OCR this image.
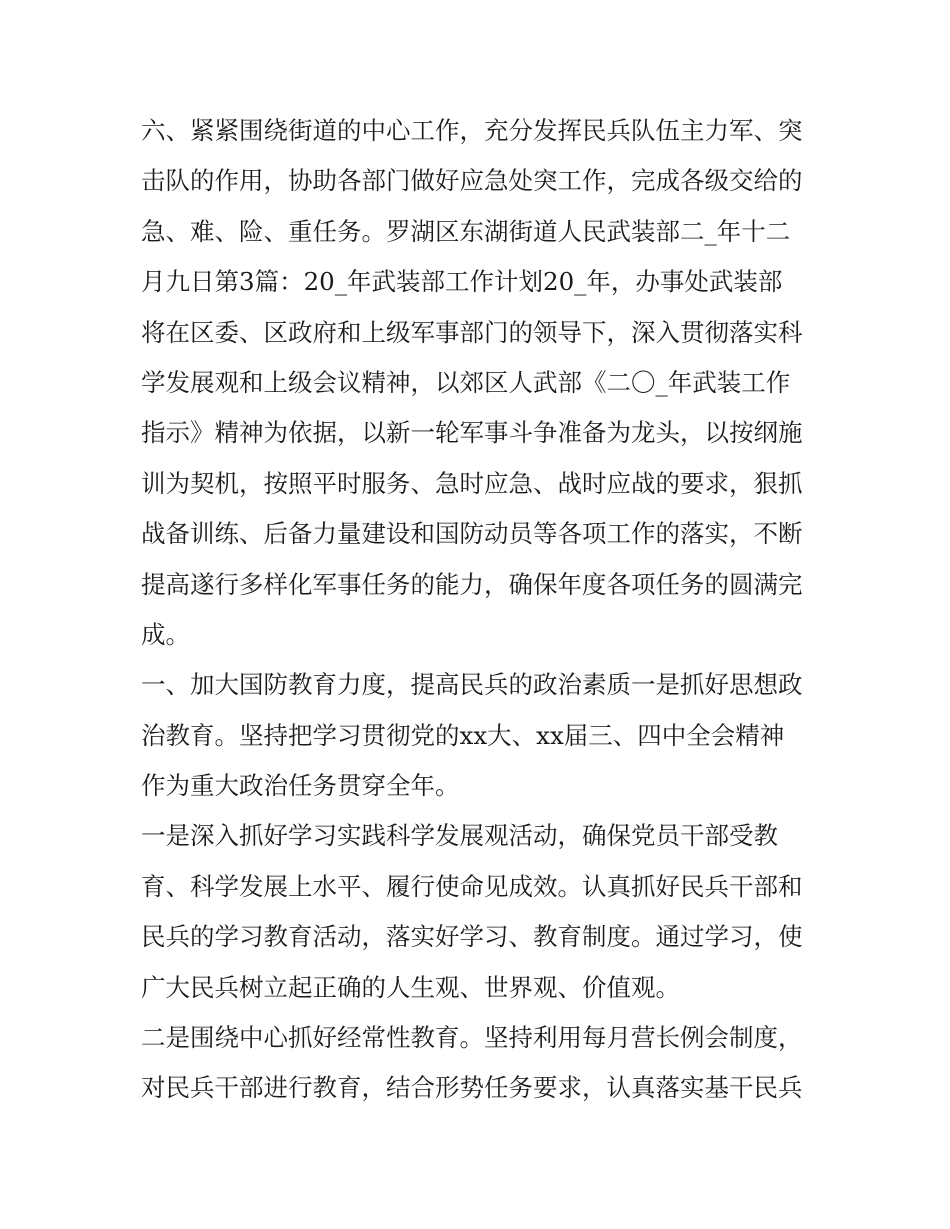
六、紧紧围绕街道的中心工作，充分发挥民兵队伍主力军、突
击队的作用，协助各部门做好应急处突工作，完成各级交给的
急、难、险、重任务。罗湖区东湖街道人民武装部二_年十二
月九日第3篇：20_年武装部工作计划20_年，办事处武装部
将在区委、区政府和上级军事部门的领导下，深入贯彻落实科
学发展观和上级会议精神，以郊区人武部《二〇_年武装工作
指示》精神为依据，以新一轮军事斗争准备为龙头，以按纲施
训为契机，按照平时服务、急时应急、战时应战的要求，狠抓
战备训练、后备力量建设和国防动员等各项工作的落实，不断
提高遂行多样化军事任务的能力，确保年度各项任务的圆满完
成。
一、加大国防教育力度，提高民兵的政治素质一是抓好思想政
治教育。坚持把学习贯彻党的xx大、xx届三、四中全会精神
作为重大政治任务贯穿全年。
一是深入抓好学习实践科学发展观活动，确保党员干部受教
育、科学发展上水平、履行使命见成效。认真抓好民兵干部和
民兵的学习教育活动，落实好学习、教育制度。通过学习，使
广大民兵树立起正确的人生观、世界观、价值观。
二是围绕中心抓好经常性教育。坚持利用每月营长例会制度，
对民兵干部进行教育，结合形势任务要求，认真落实基干民兵
